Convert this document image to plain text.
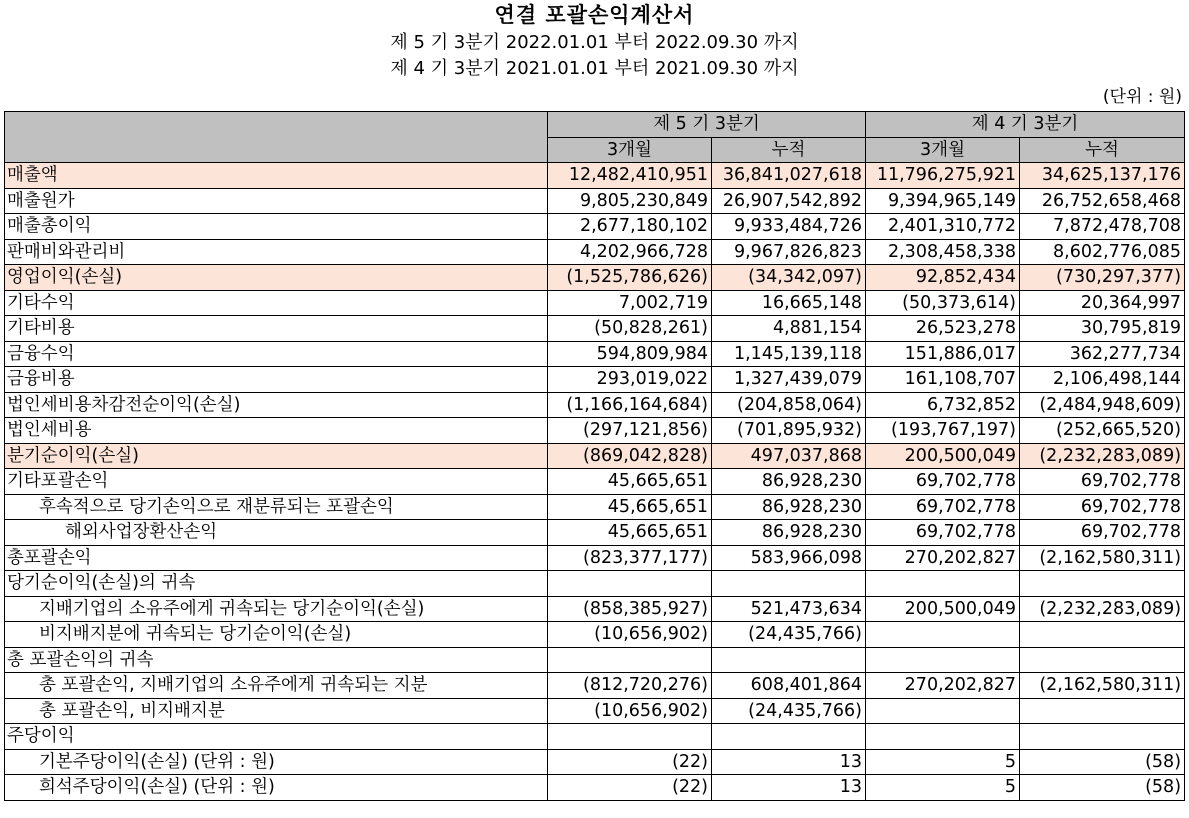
연결 포괄손익계산서
제 5 기 3분기 2022.01.01 부터 2022.09.30 까지
제 4 기 3분기 2021.01.01 부터 2021.09.30 까지
(단위 : 원)
	제 5 기 3분기		제 4 기 3분기	
	3개월	누적	3개월	누적
매출액	12,482,410,951	36,841,027,618	11,796,275,921	34,625,137,176
매출원가	9,805,230,849	26,907,542,892	9,394,965,149	26,752,658,468
매출총이익	2,677,180,102	9,933,484,726	2,401,310,772	7,872,478,708
판매비와관리비	4,202,966,728	9,967,826,823	2,308,458,338	8,602,776,085
영업이익(손실)	(1,525,786,626)	(34,342,097)	92,852,434	(730,297,377)
기타수익	7,002,719	16,665,148	(50,373,614)	20,364,997
기타비용	(50,828,261)	4,881,154	26,523,278	30,795,819
금융수익	594,809,984	1,145,139,118	151,886,017	362,277,734
금융비용	293,019,022	1,327,439,079	161,108,707	2,106,498,144
법인세비용차감전순이익(손실)	(1,166,164,684)	(204,858,064)	6,732,852	(2,484,948,609)
법인세비용	(297,121,856)	(701,895,932)	(193,767,197)	(252,665,520)
분기순이익(손실)	(869,042,828)	497,037,868	200,500,049	(2,232,283,089)
기타포괄손익	45,665,651	86,928,230	69,702,778	69,702,778
후속적으로 당기손익으로 재분류되는 포괄손익	45,665,651	86,928,230	69,702,778	69,702,778
해외사업장환산손익	45,665,651	86,928,230	69,702,778	69,702,778
총포괄손익	(823,377,177)	583,966,098	270,202,827	(2,162,580,311)
당기순이익(손실)의 귀속				
지배기업의 소유주에게 귀속되는 당기순이익(손실)	(858,385,927)	521,473,634	200,500,049	(2,232,283,089)
비지배지분에 귀속되는 당기순이익(손실)	(10,656,902)	(24,435,766)		
총 포괄손익의 귀속				
총 포괄손익, 지배기업의 소유주에게 귀속되는 지분	(812,720,276)	608,401,864	270,202,827	(2,162,580,311)
총 포괄손익, 비지배지분	(10,656,902)	(24,435,766)		
주당이익				
기본주당이익(손실) (단위 : 원)	(22)	13	5	(58)
희석주당이익(손실) (단위 : 원)	(22)	13	5	(58)
